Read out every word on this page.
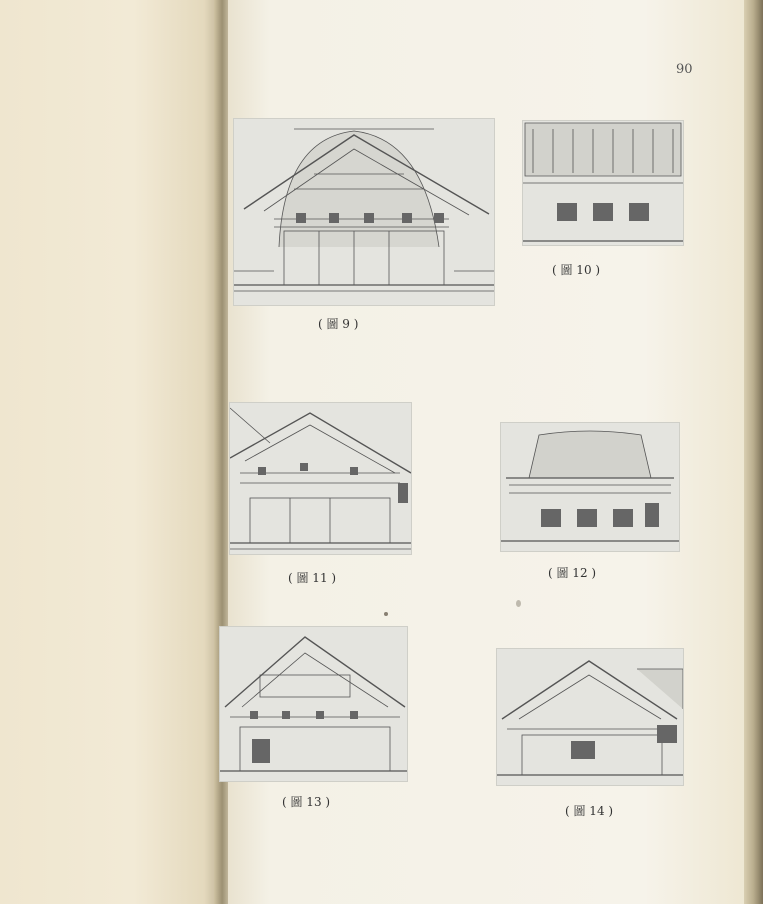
90
( 圖 9 )
( 圖 10 )
( 圖 11 )	( 圖 12 )
( 圖 13 )
( 圖 14 )
